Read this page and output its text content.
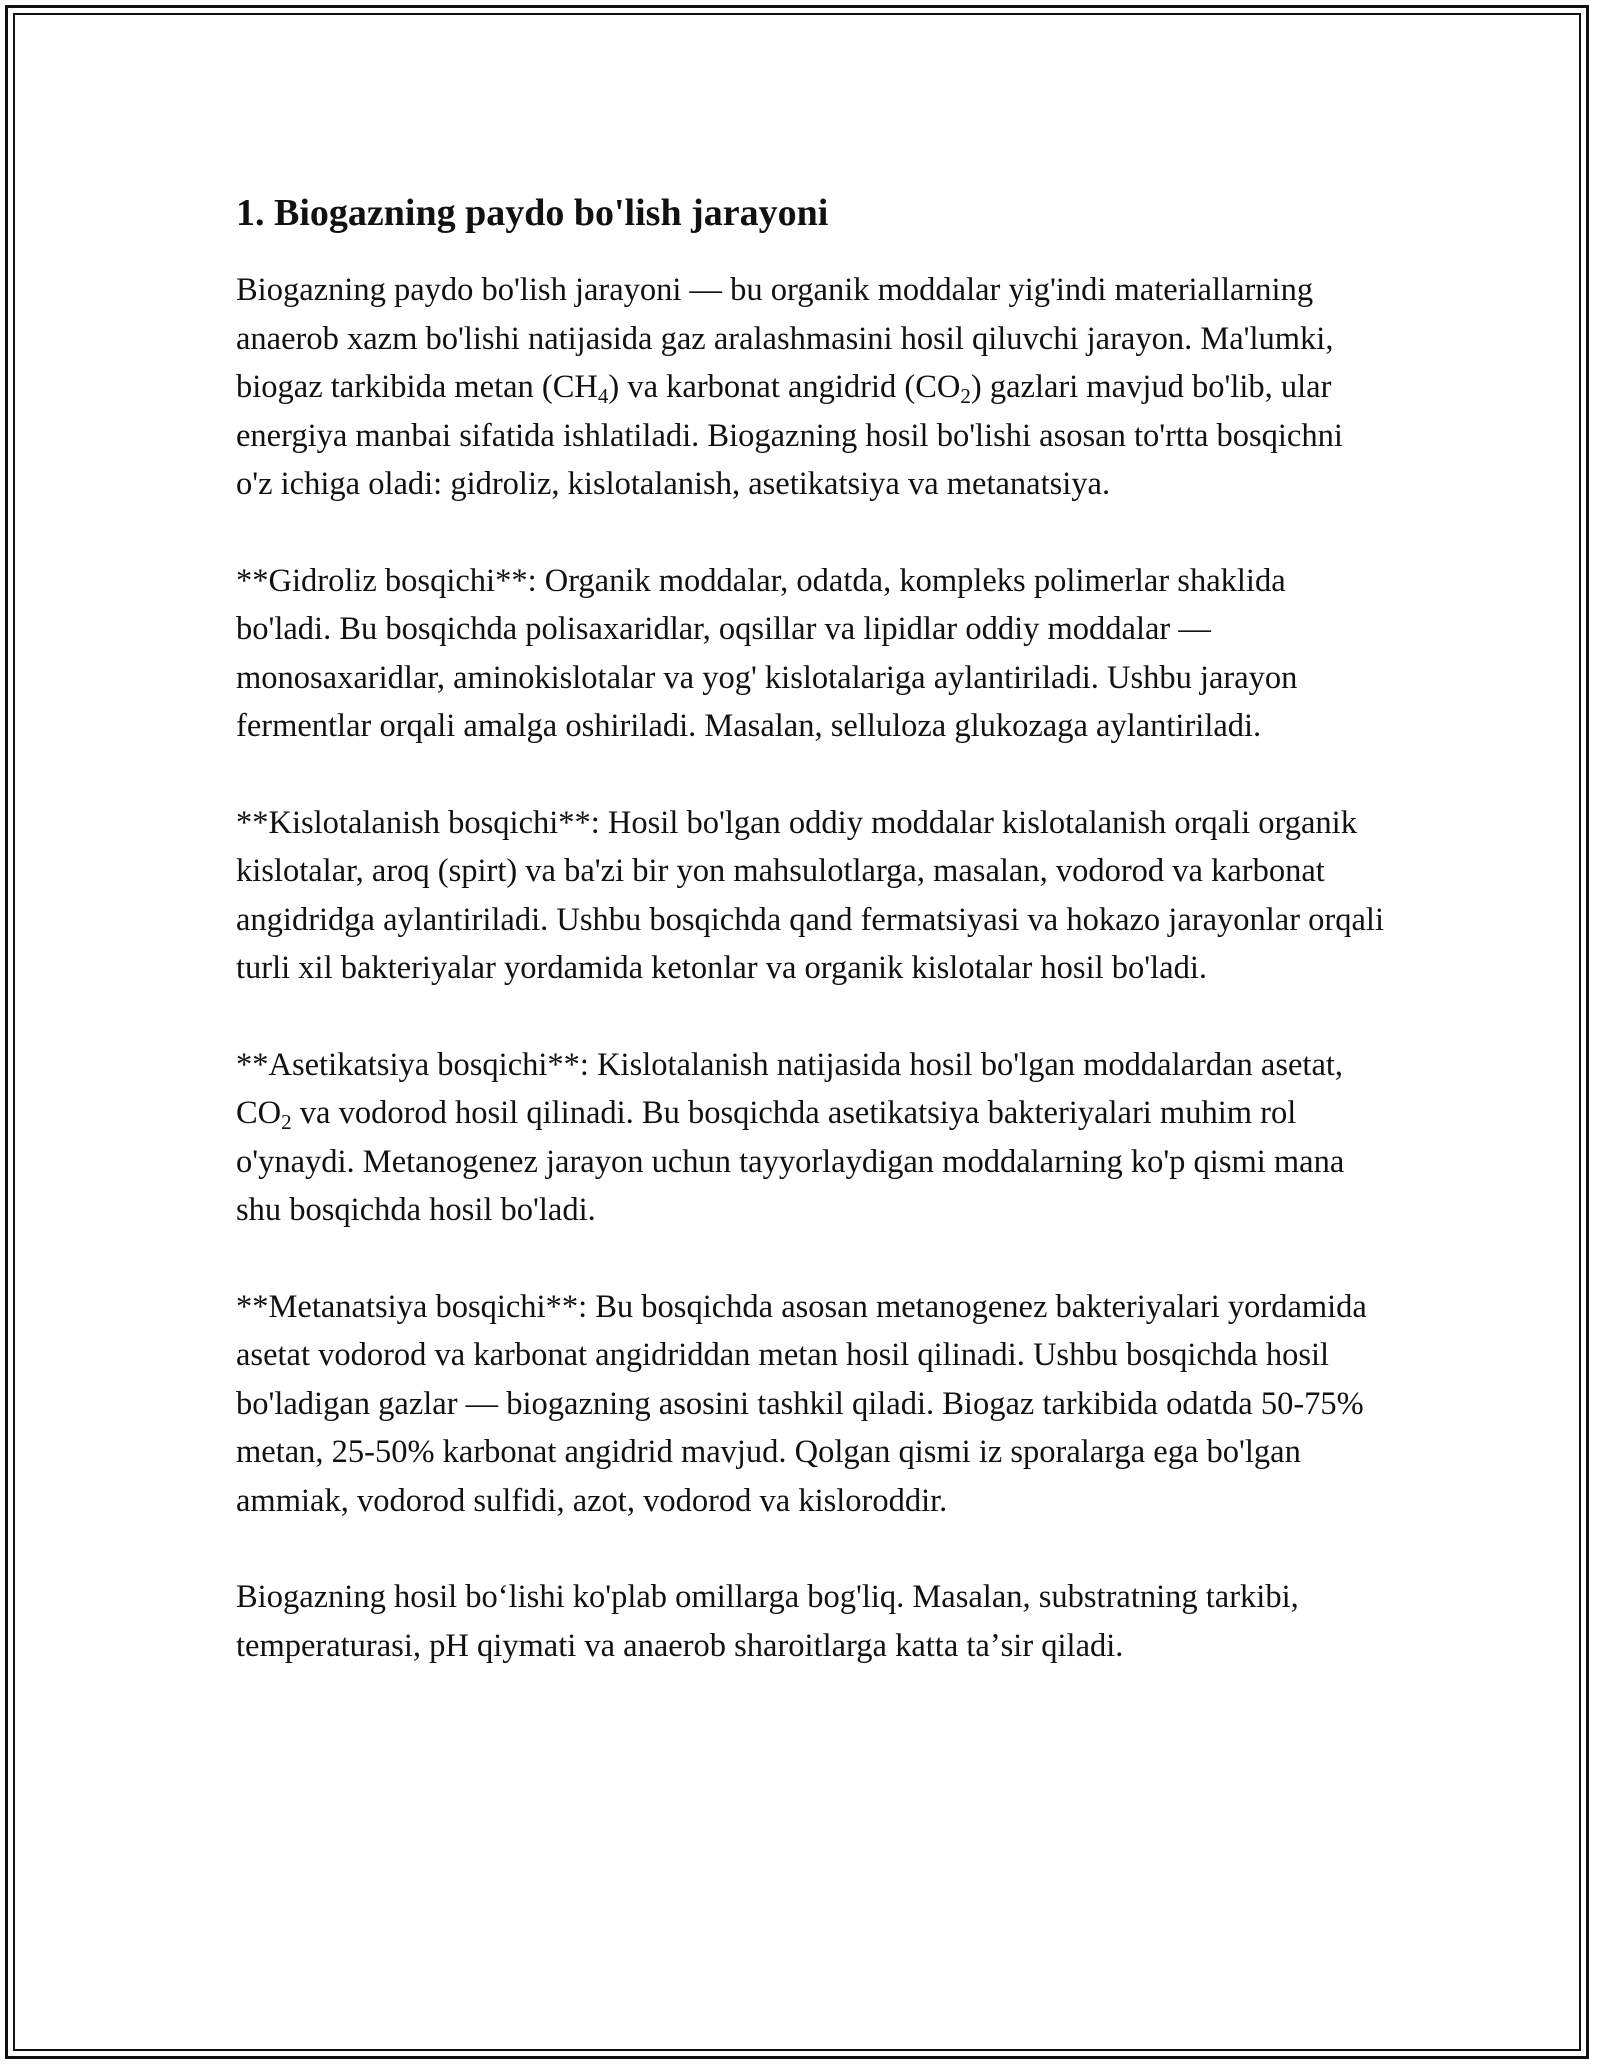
1. Biogazning paydo bo'lish jarayoni

Biogazning paydo bo'lish jarayoni — bu organik moddalar yig'indi materiallarning anaerob xazm bo'lishi natijasida gaz aralashmasini hosil qiluvchi jarayon. Ma'lumki, biogaz tarkibida metan $(CH_4)$ va karbonat angidrid $(CO_2)$ gazlari mavjud bo'lib, ular energiya manbai sifatida ishlatiladi. Biogazning hosil bo'lishi asosan to'rtta bosqichni o'z ichiga oladi: gidroliz, kislotalanish, asetikatsiya va metanatsiya.

**Gidroliz bosqichi**: Organik moddalar, odatda, kompleks polimerlar shaklida bo'ladi. Bu bosqichda polisaxaridlar, oqsillar va lipidlar oddiy moddalar — monosaxaridlar, aminokislotalar va yog' kislotalariga aylantiriladi. Ushbu jarayon fermentlar orqali amalga oshiriladi. Masalan, selluloza glukozaga aylantiriladi.

**Kislotalanish bosqichi**: Hosil bo'lgan oddiy moddalar kislotalanish orqali organik kislotalar, aroq (spirt) va ba'zi bir yon mahsulotlarga, masalan, vodorod va karbonat angidridga aylantiriladi. Ushbu bosqichda qand fermatsiyasi va hokazo jarayonlar orqali turli xil bakteriyalar yordamida ketonlar va organik kislotalar hosil bo'ladi.

**Asetikatsiya bosqichi**: Kislotalanish natijasida hosil bo'lgan moddalardan asetat, $CO_2$ va vodorod hosil qilinadi. Bu bosqichda asetikatsiya bakteriyalari muhim rol o'ynaydi. Metanogenez jarayon uchun tayyorlaydigan moddalarning ko'p qismi mana shu bosqichda hosil bo'ladi.

**Metanatsiya bosqichi**: Bu bosqichda asosan metanogenez bakteriyalari yordamida asetat vodorod va karbonat angidriddan metan hosil qilinadi. Ushbu bosqichda hosil bo'ladigan gazlar — biogazning asosini tashkil qiladi. Biogaz tarkibida odatda 50-75% metan, 25-50% karbonat angidrid mavjud. Qolgan qismi iz sporalarga ega bo'lgan ammiak, vodorod sulfidi, azot, vodorod va kisloroddir.

Biogazning hosil boʻlishi ko'plab omillarga bog'liq. Masalan, substratning tarkibi, temperaturasi, pH qiymati va anaerob sharoitlarga katta taʼsir qiladi.
